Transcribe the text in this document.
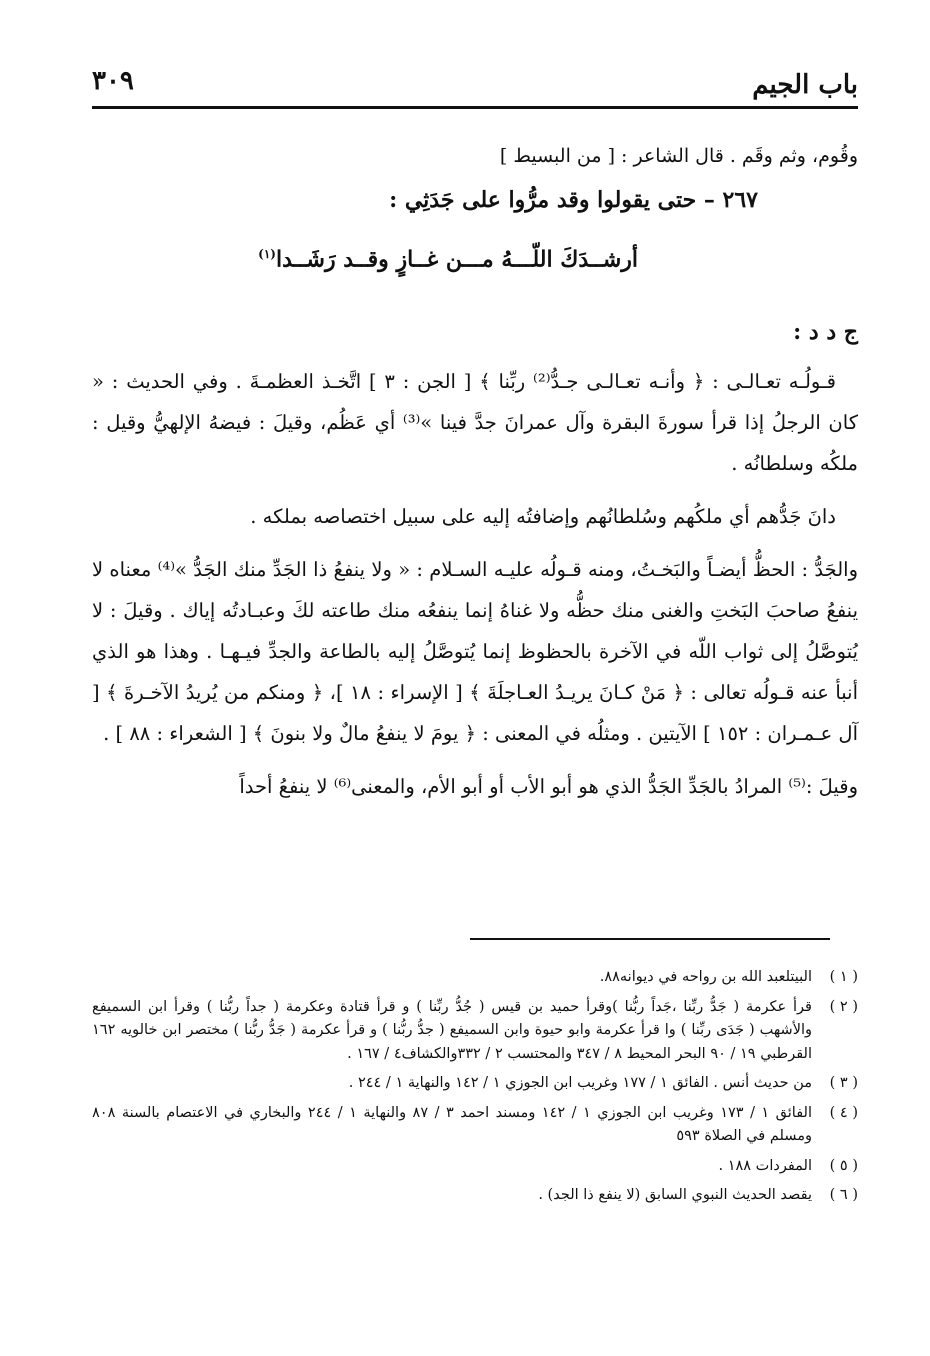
باب الجيم
٣٠٩

وقُوم، وثم وقَم . قال الشاعر : [ من البسيط ]

٢٦٧ – حتى يقولوا وقد مرُّوا على جَدَثِي :

أرشــدَكَ اللّـــهُ مـــن غــازٍ وقــد رَشَــدا$^{(١)}$

ج د د :

قـولُـه تعـالـى : ﴿ وأنـه تعـالـى جـدُّ⁽²⁾ ربِّنا ﴾ [ الجن : ٣ ] اتَّخـذ العظمـةَ . وفي الحديث : « كان الرجلُ إذا قرأ سورةَ البقرة وآل عمرانَ جدَّ فينا »⁽³⁾ أي عَظُم، وقيلَ : فيضهُ الإلهيُّ وقيل : ملكُه وسلطانُه .

دانَ جَدُّهم أي ملكُهم وسُلطانُهم وإضافتُه إليه على سبيل اختصاصه بملكه .

والجَدُّ : الحظُّ أيضـاً والبَخـتُ، ومنه قـولُه عليـه السـلام : « ولا ينفعُ ذا الجَدِّ منك الجَدُّ »⁽⁴⁾ معناه لا ينفعُ صاحبَ البَختِ والغنى منك حظُّه ولا غناهُ إنما ينفعُه منك طاعته لكَ وعبـادتُه إياك . وقيلَ : لا يُتوصَّلُ إلى ثواب اللّه في الآخرة بالحظوظ إنما يُتوصَّلُ إليه بالطاعة والجدِّ فيـهـا . وهذا هو الذي أنبأ عنه قـولُه تعالى : ﴿ مَنْ كـانَ يريـدُ العـاجلَةَ ﴾ [ الإسراء : ١٨ ]، ﴿ ومنكم من يُريدُ الآخـرةَ ﴾ [ آل عـمـران : ١٥٢ ] الآيتين . ومثلُه في المعنى : ﴿ يومَ لا ينفعُ مالٌ ولا بنونَ ﴾ [ الشعراء : ٨٨ ] .

وقيلَ :⁽⁵⁾ المرادُ بالجَدِّ الجَدُّ الذي هو أبو الأب أو أبو الأم، والمعنى⁽⁶⁾ لا ينفعُ أحداً

( ١ )
البيتلعبد الله بن رواحه في ديوانه٨٨.
( ٢ )
قرأ عكرمة ( جَدُّ ربِّنا ،جَداً ربُّنا )وقرأ حميد بن قيس ( جُدُّ ربِّنا ) و قرأ قتادة وعكرمة ( جداً ربُّنا ) وقرأ ابن السميفع والأشهب ( جَدَى ربِّنا ) وا قرأ عكرمة وابو حيوة وابن السميفع ( جدُّ ربُّنا ) و قرأ عكرمة ( جَدُّ ربُّنا ) مختصر ابن خالويه ١٦٢ القرطبي ١٩ / ٩٠ البحر المحيط ٨ / ٣٤٧ والمحتسب ٢ / ٣٣٢والكشاف٤ / ١٦٧ .
( ٣ )
من حديث أنس . الفائق ١ / ١٧٧ وغريب ابن الجوزي ١ / ١٤٢ والنهاية ١ / ٢٤٤ .
( ٤ )
الفائق ١ / ١٧٣ وغريب ابن الجوزي ١ / ١٤٢ ومسند احمد ٣ / ٨٧ والنهاية ١ / ٢٤٤ والبخاري في الاعتصام بالسنة ٨٠٨ ومسلم في الصلاة ٥٩٣
( ٥ )
المفردات ١٨٨ .
( ٦ )
يقصد الحديث النبوي السابق (لا ينفع ذا الجد) .
